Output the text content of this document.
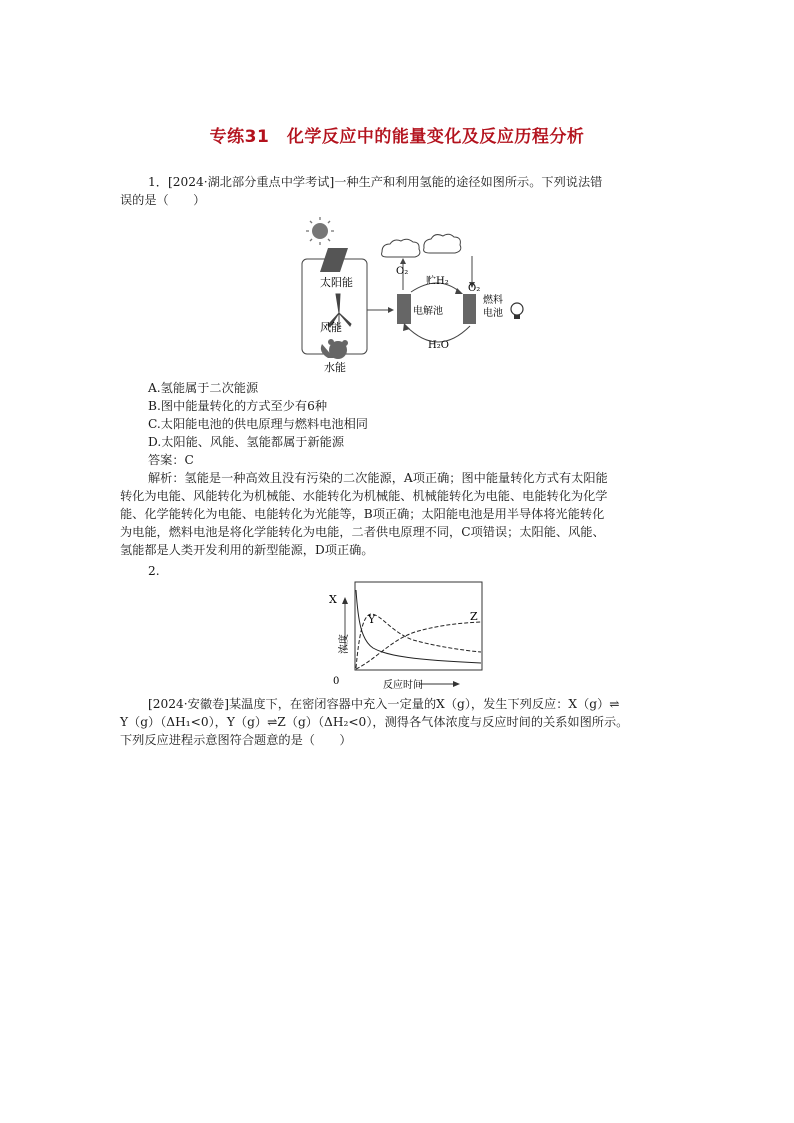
专练31　化学反应中的能量变化及反应历程分析
1．[2024·湖北部分重点中学考试]一种生产和利用氢能的途径如图所示。下列说法错
误的是（　　）
太阳能
风能
水能
O₂
O₂
电解池
燃料
电池
贮H₂
H₂O
A.氢能属于二次能源
B.图中能量转化的方式至少有6种
C.太阳能电池的供电原理与燃料电池相同
D.太阳能、风能、氢能都属于新能源
答案：C
解析：氢能是一种高效且没有污染的二次能源，A项正确；图中能量转化方式有太阳能
转化为电能、风能转化为机械能、水能转化为机械能、机械能转化为电能、电能转化为化学
能、化学能转化为电能、电能转化为光能等，B项正确；太阳能电池是用半导体将光能转化
为电能，燃料电池是将化学能转化为电能，二者供电原理不同，C项错误；太阳能、风能、
氢能都是人类开发利用的新型能源，D项正确。
2.
X
Y	Z
浓度
反应时间
0
[2024·安徽卷]某温度下，在密闭容器中充入一定量的X（g），发生下列反应：X（g）⇌
Y（g）（ΔH₁<0），Y（g）⇌Z（g）（ΔH₂<0），测得各气体浓度与反应时间的关系如图所示。
下列反应进程示意图符合题意的是（　　）
